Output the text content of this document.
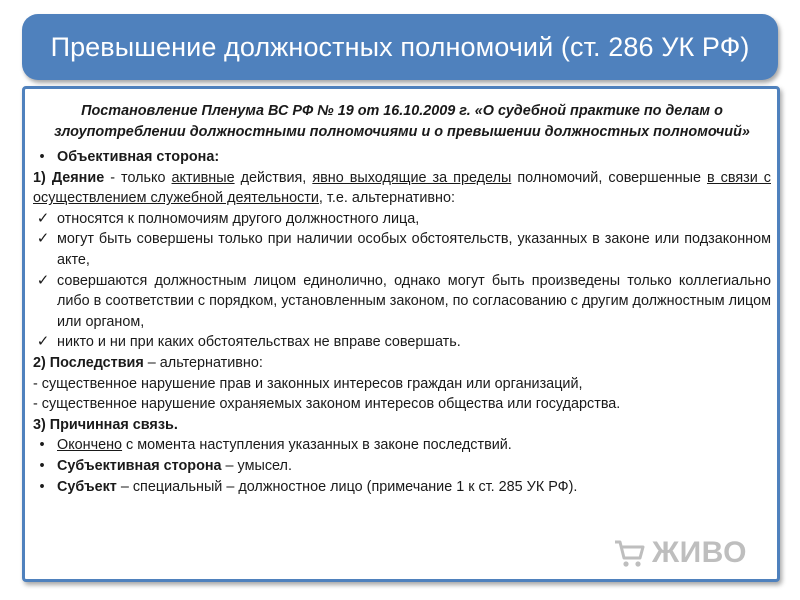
Превышение должностных полномочий (ст. 286 УК РФ)

Постановление Пленума ВС РФ № 19 от 16.10.2009 г. «О судебной практике по делам о злоупотреблении должностными полномочиями и о превышении должностных полномочий»

• Объективная сторона:

1) Деяние - только активные действия, явно выходящие за пределы полномочий, совершенные в связи с осуществлением служебной деятельности, т.е. альтернативно:

✓ относятся к полномочиям другого должностного лица,
✓ могут быть совершены только при наличии особых обстоятельств, указанных в законе или подзаконном акте,
✓ совершаются должностным лицом единолично, однако могут быть произведены только коллегиально либо в соответствии с порядком, установленным законом, по согласованию с другим должностным лицом или органом,
✓ никто и ни при каких обстоятельствах не вправе совершать.

2) Последствия – альтернативно:

- существенное нарушение прав и законных интересов граждан или организаций,

- существенное нарушение охраняемых законом интересов общества или государства.

3) Причинная связь.

• Окончено с момента наступления указанных в законе последствий.
• Субъективная сторона – умысел.
• Субъект – специальный – должностное лицо (примечание 1 к ст. 285 УК РФ).
ЖИВО
